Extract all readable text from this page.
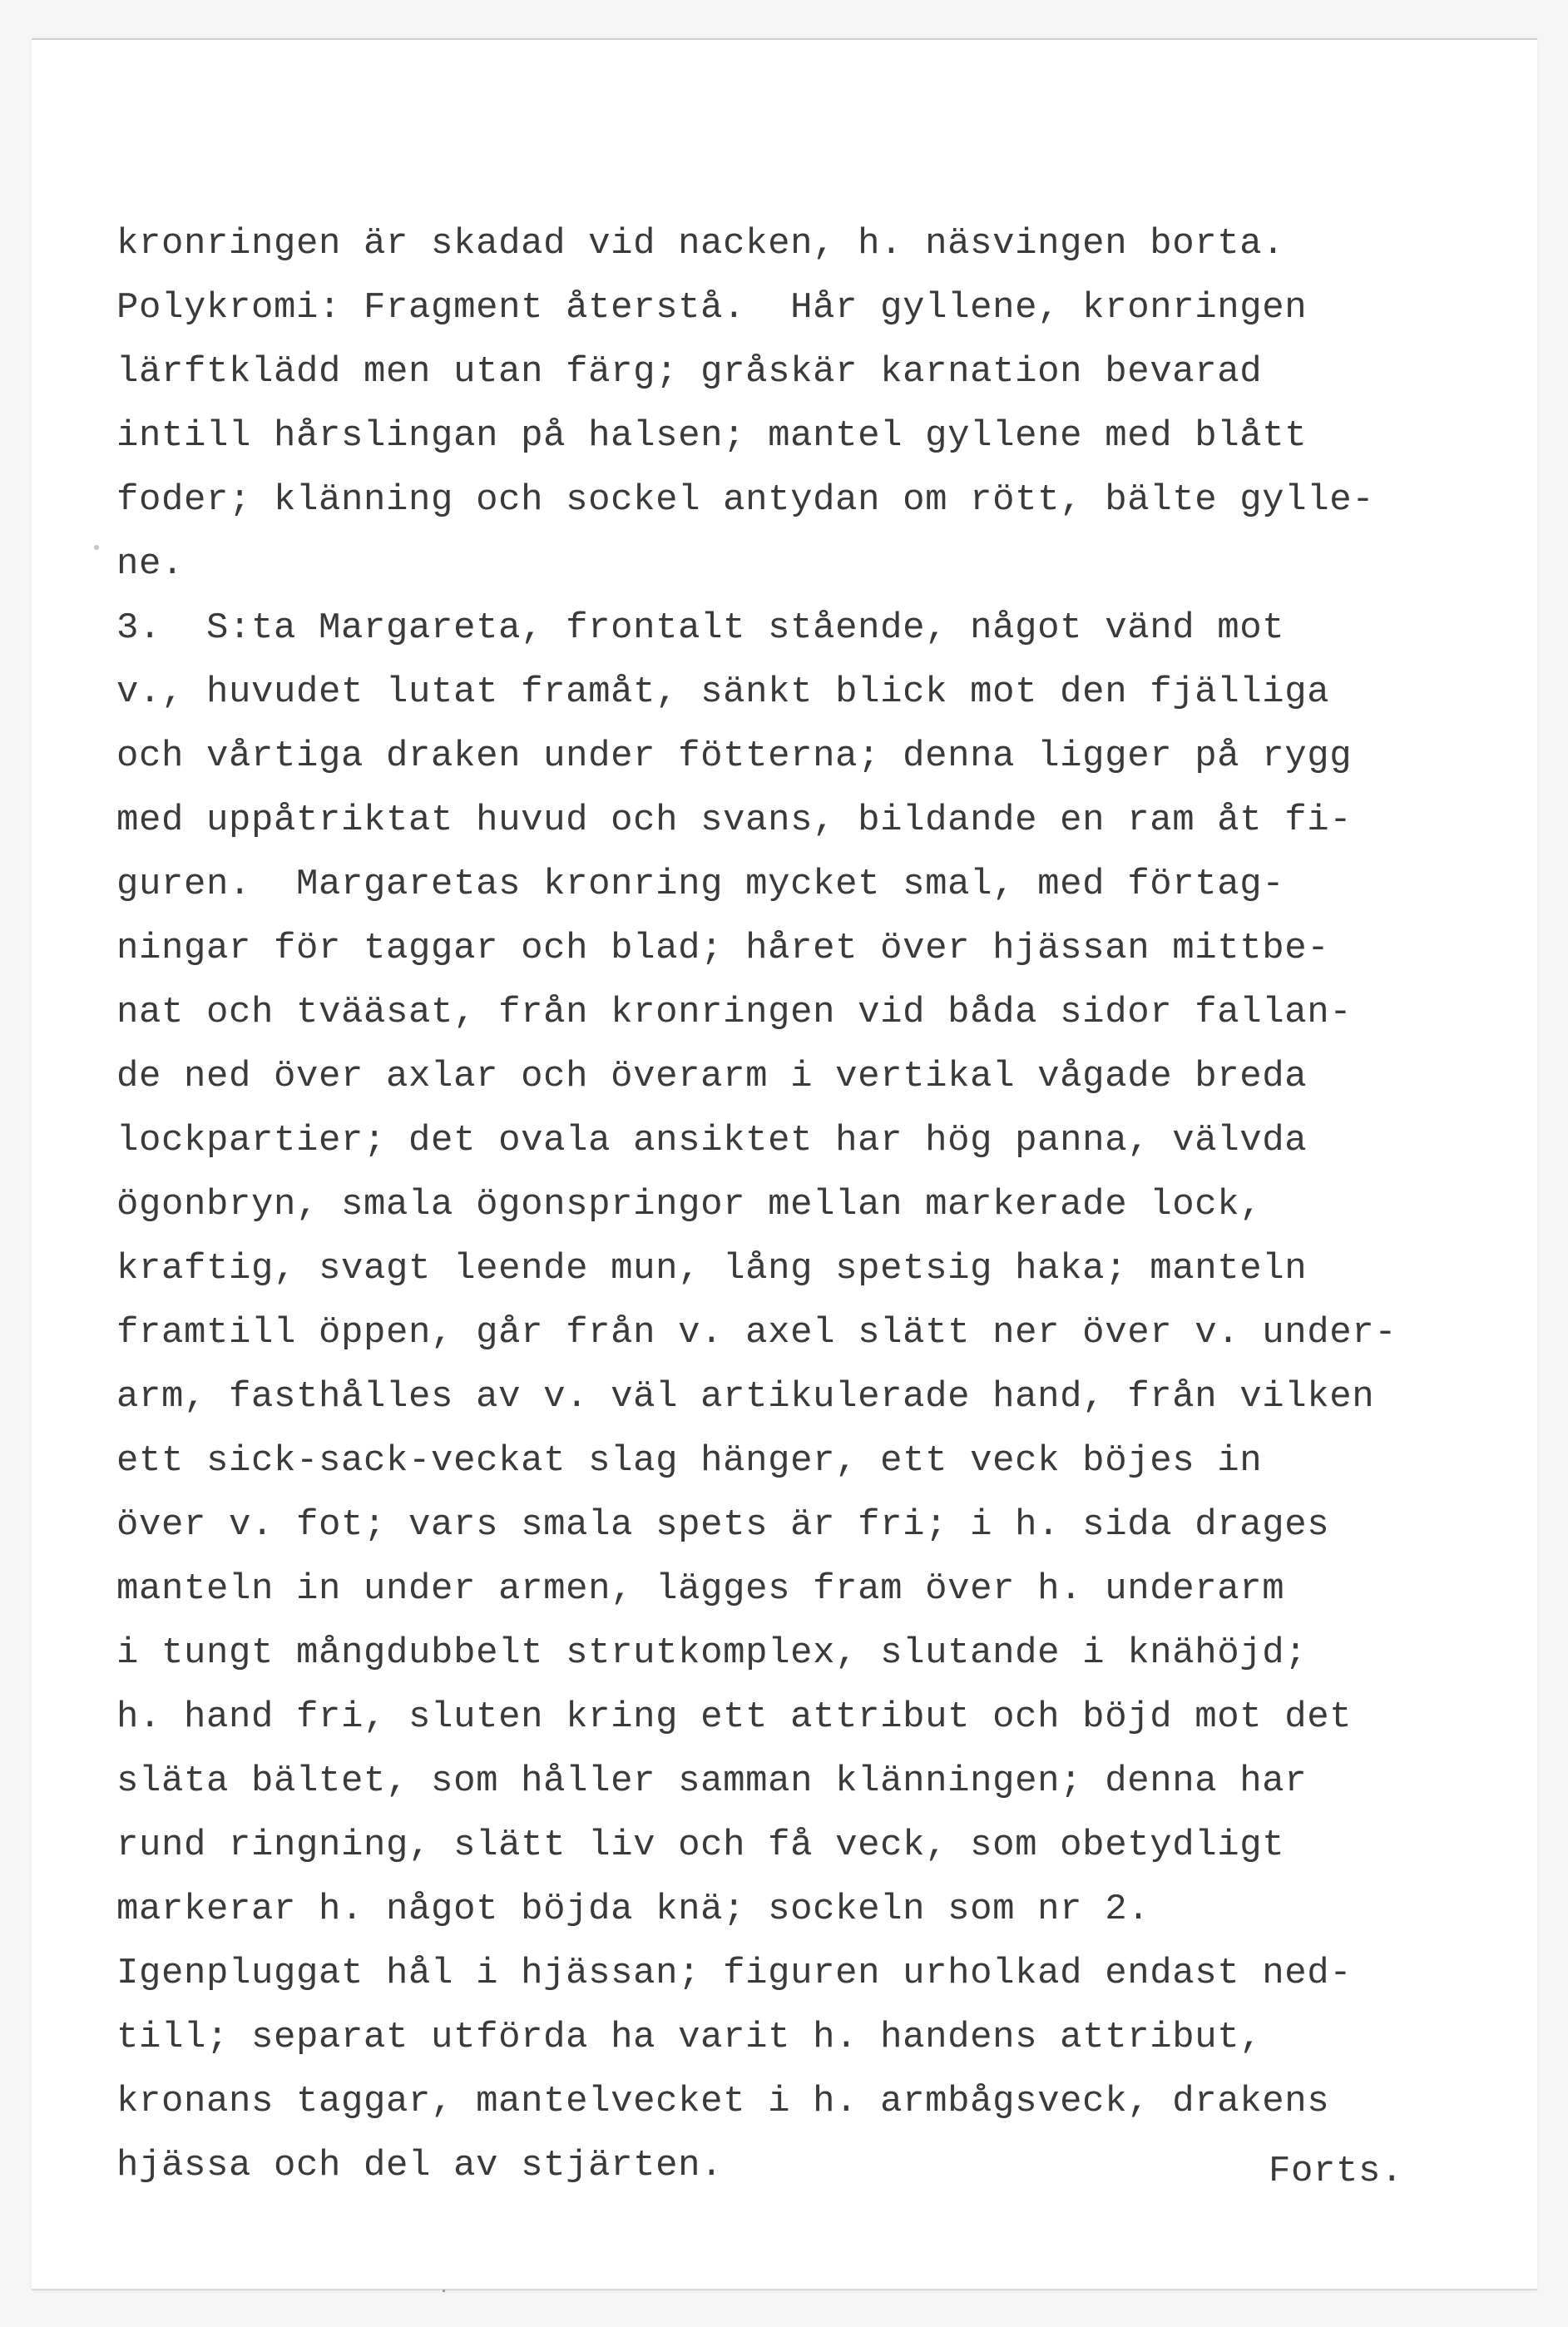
kronringen är skadad vid nacken, h. näsvingen borta.
Polykromi: Fragment återstå.  Hår gyllene, kronringen
lärftklädd men utan färg; gråskär karnation bevarad
intill hårslingan på halsen; mantel gyllene med blått
foder; klänning och sockel antydan om rött, bälte gylle-
ne.
3.  S:ta Margareta, frontalt stående, något vänd mot
v., huvudet lutat framåt, sänkt blick mot den fjälliga
och vårtiga draken under fötterna; denna ligger på rygg
med uppåtriktat huvud och svans, bildande en ram åt fi-
guren.  Margaretas kronring mycket smal, med förtag-
ningar för taggar och blad; håret över hjässan mittbe-
nat och tvääsat, från kronringen vid båda sidor fallan-
de ned över axlar och överarm i vertikal vågade breda
lockpartier; det ovala ansiktet har hög panna, välvda
ögonbryn, smala ögonspringor mellan markerade lock,
kraftig, svagt leende mun, lång spetsig haka; manteln
framtill öppen, går från v. axel slätt ner över v. under-
arm, fasthålles av v. väl artikulerade hand, från vilken
ett sick-sack-veckat slag hänger, ett veck böjes in
över v. fot; vars smala spets är fri; i h. sida drages
manteln in under armen, lägges fram över h. underarm
i tungt mångdubbelt strutkomplex, slutande i knähöjd;
h. hand fri, sluten kring ett attribut och böjd mot det
släta bältet, som håller samman klänningen; denna har
rund ringning, slätt liv och få veck, som obetydligt
markerar h. något böjda knä; sockeln som nr 2.
Igenpluggat hål i hjässan; figuren urholkad endast ned-
till; separat utförda ha varit h. handens attribut,
kronans taggar, mantelvecket i h. armbågsveck, drakens
hjässa och del av stjärten.	Forts.
